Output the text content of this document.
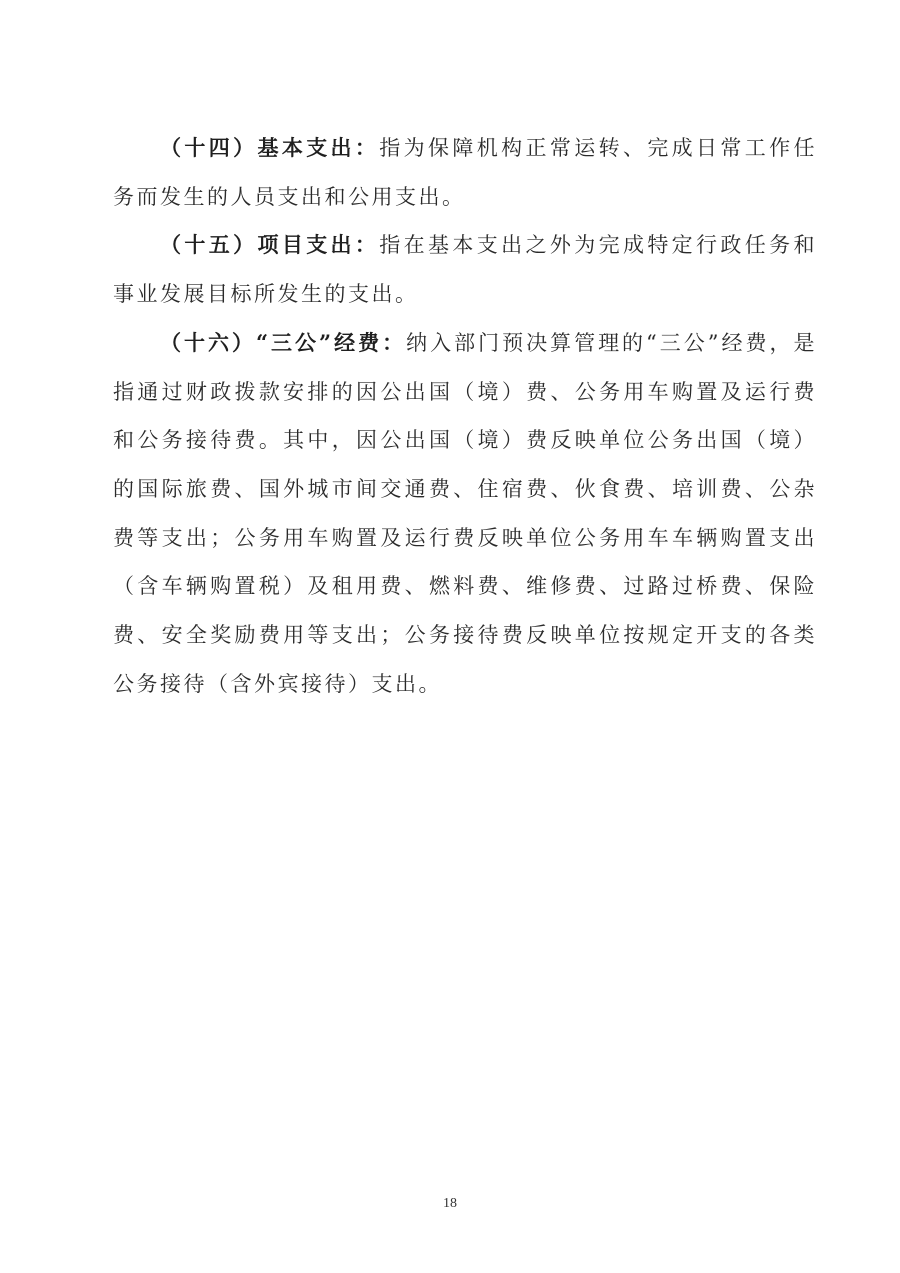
（十四）基本支出：指为保障机构正常运转、完成日常工作任务而发生的人员支出和公用支出。

（十五）项目支出：指在基本支出之外为完成特定行政任务和事业发展目标所发生的支出。

（十六）“三公”经费：纳入部门预决算管理的“三公”经费，是指通过财政拨款安排的因公出国（境）费、公务用车购置及运行费和公务接待费。其中，因公出国（境）费反映单位公务出国（境）的国际旅费、国外城市间交通费、住宿费、伙食费、培训费、公杂费等支出；公务用车购置及运行费反映单位公务用车车辆购置支出（含车辆购置税）及租用费、燃料费、维修费、过路过桥费、保险费、安全奖励费用等支出；公务接待费反映单位按规定开支的各类公务接待（含外宾接待）支出。

18
